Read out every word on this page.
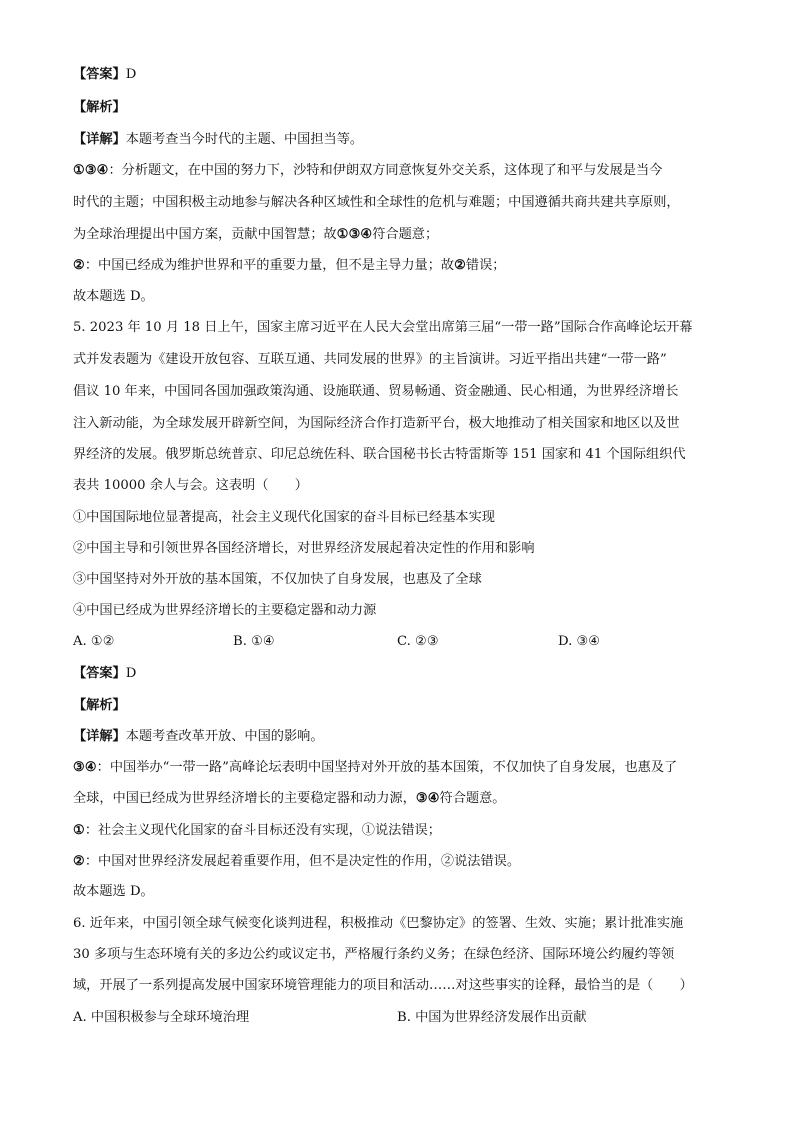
【答案】D
【解析】
【详解】本题考查当今时代的主题、中国担当等。
①③④：分析题文，在中国的努力下，沙特和伊朗双方同意恢复外交关系，这体现了和平与发展是当今
时代的主题；中国积极主动地参与解决各种区域性和全球性的危机与难题；中国遵循共商共建共享原则，
为全球治理提出中国方案，贡献中国智慧；故①③④符合题意；
②：中国已经成为维护世界和平的重要力量，但不是主导力量；故②错误；
故本题选 D。
5. 2023 年 10 月 18 日上午，国家主席习近平在人民大会堂出席第三届“一带一路”国际合作高峰论坛开幕
式并发表题为《建设开放包容、互联互通、共同发展的世界》的主旨演讲。习近平指出共建“一带一路”
倡议 10 年来，中国同各国加强政策沟通、设施联通、贸易畅通、资金融通、民心相通，为世界经济增长
注入新动能，为全球发展开辟新空间，为国际经济合作打造新平台，极大地推动了相关国家和地区以及世
界经济的发展。俄罗斯总统普京、印尼总统佐科、联合国秘书长古特雷斯等 151 国家和 41 个国际组织代
表共 10000 余人与会。这表明（　　）
①中国国际地位显著提高，社会主义现代化国家的奋斗目标已经基本实现
②中国主导和引领世界各国经济增长，对世界经济发展起着决定性的作用和影响
③中国坚持对外开放的基本国策，不仅加快了自身发展，也惠及了全球
④中国已经成为世界经济增长的主要稳定器和动力源
A. ①②	B. ①④	C. ②③	D. ③④
【答案】D
【解析】
【详解】本题考查改革开放、中国的影响。
③④：中国举办“一带一路”高峰论坛表明中国坚持对外开放的基本国策，不仅加快了自身发展，也惠及了
全球，中国已经成为世界经济增长的主要稳定器和动力源，③④符合题意。
①：社会主义现代化国家的奋斗目标还没有实现，①说法错误；
②：中国对世界经济发展起着重要作用，但不是决定性的作用，②说法错误。
故本题选 D。
6. 近年来，中国引领全球气候变化谈判进程，积极推动《巴黎协定》的签署、生效、实施；累计批准实施
30 多项与生态环境有关的多边公约或议定书，严格履行条约义务；在绿色经济、国际环境公约履约等领
域，开展了一系列提高发展中国家环境管理能力的项目和活动……对这些事实的诠释，最恰当的是（　　）
A. 中国积极参与全球环境治理	B. 中国为世界经济发展作出贡献
